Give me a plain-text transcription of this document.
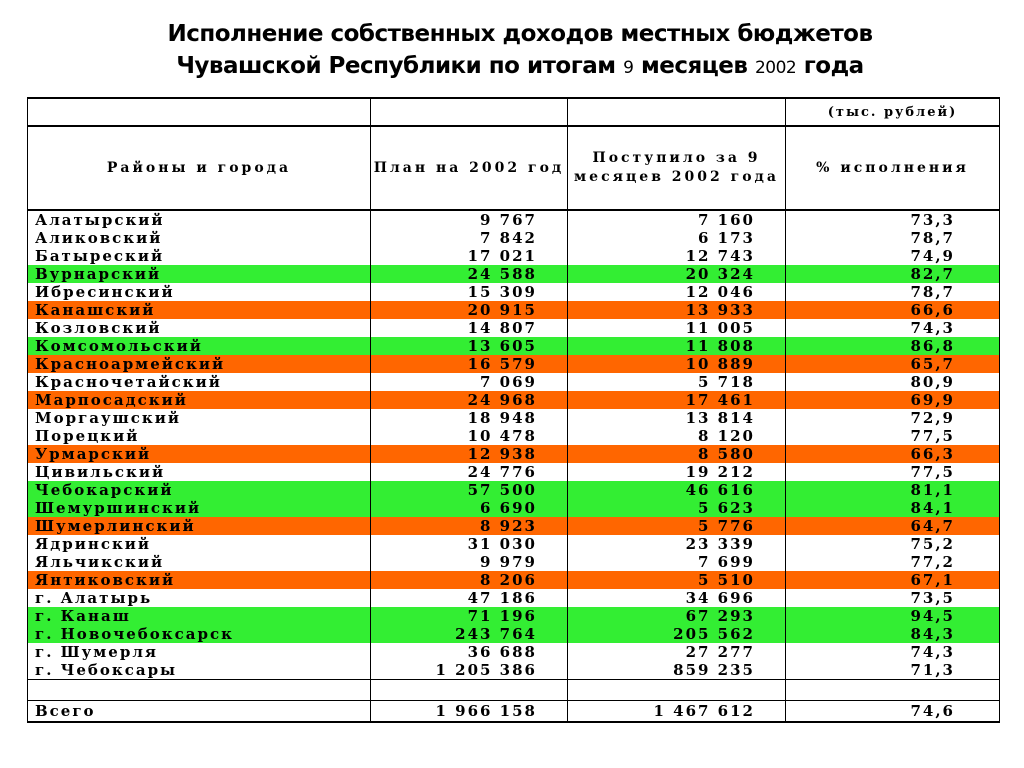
Исполнение собственных доходов местных бюджетов
Чувашской Республики по итогам 9 месяцев 2002 года
			(тыс. рублей)
Районы и города	План на 2002 год	Поступило за 9 месяцев 2002 года	% исполнения
Алатырский	9 767	7 160	73,3
Аликовский	7 842	6 173	78,7
Батыреский	17 021	12 743	74,9
Вурнарский	24 588	20 324	82,7
Ибресинский	15 309	12 046	78,7
Канашский	20 915	13 933	66,6
Козловский	14 807	11 005	74,3
Комсомольский	13 605	11 808	86,8
Красноармейский	16 579	10 889	65,7
Красночетайский	7 069	5 718	80,9
Марпосадский	24 968	17 461	69,9
Моргаушский	18 948	13 814	72,9
Порецкий	10 478	8 120	77,5
Урмарский	12 938	8 580	66,3
Цивильский	24 776	19 212	77,5
Чебокарский	57 500	46 616	81,1
Шемуршинский	6 690	5 623	84,1
Шумерлинский	8 923	5 776	64,7
Ядринский	31 030	23 339	75,2
Яльчикский	9 979	7 699	77,2
Янтиковский	8 206	5 510	67,1
г. Алатырь	47 186	34 696	73,5
г. Канаш	71 196	67 293	94,5
г. Новочебоксарск	243 764	205 562	84,3
г. Шумерля	36 688	27 277	74,3
г. Чебоксары	1 205 386	859 235	71,3

Всего	1 966 158	1 467 612	74,6
